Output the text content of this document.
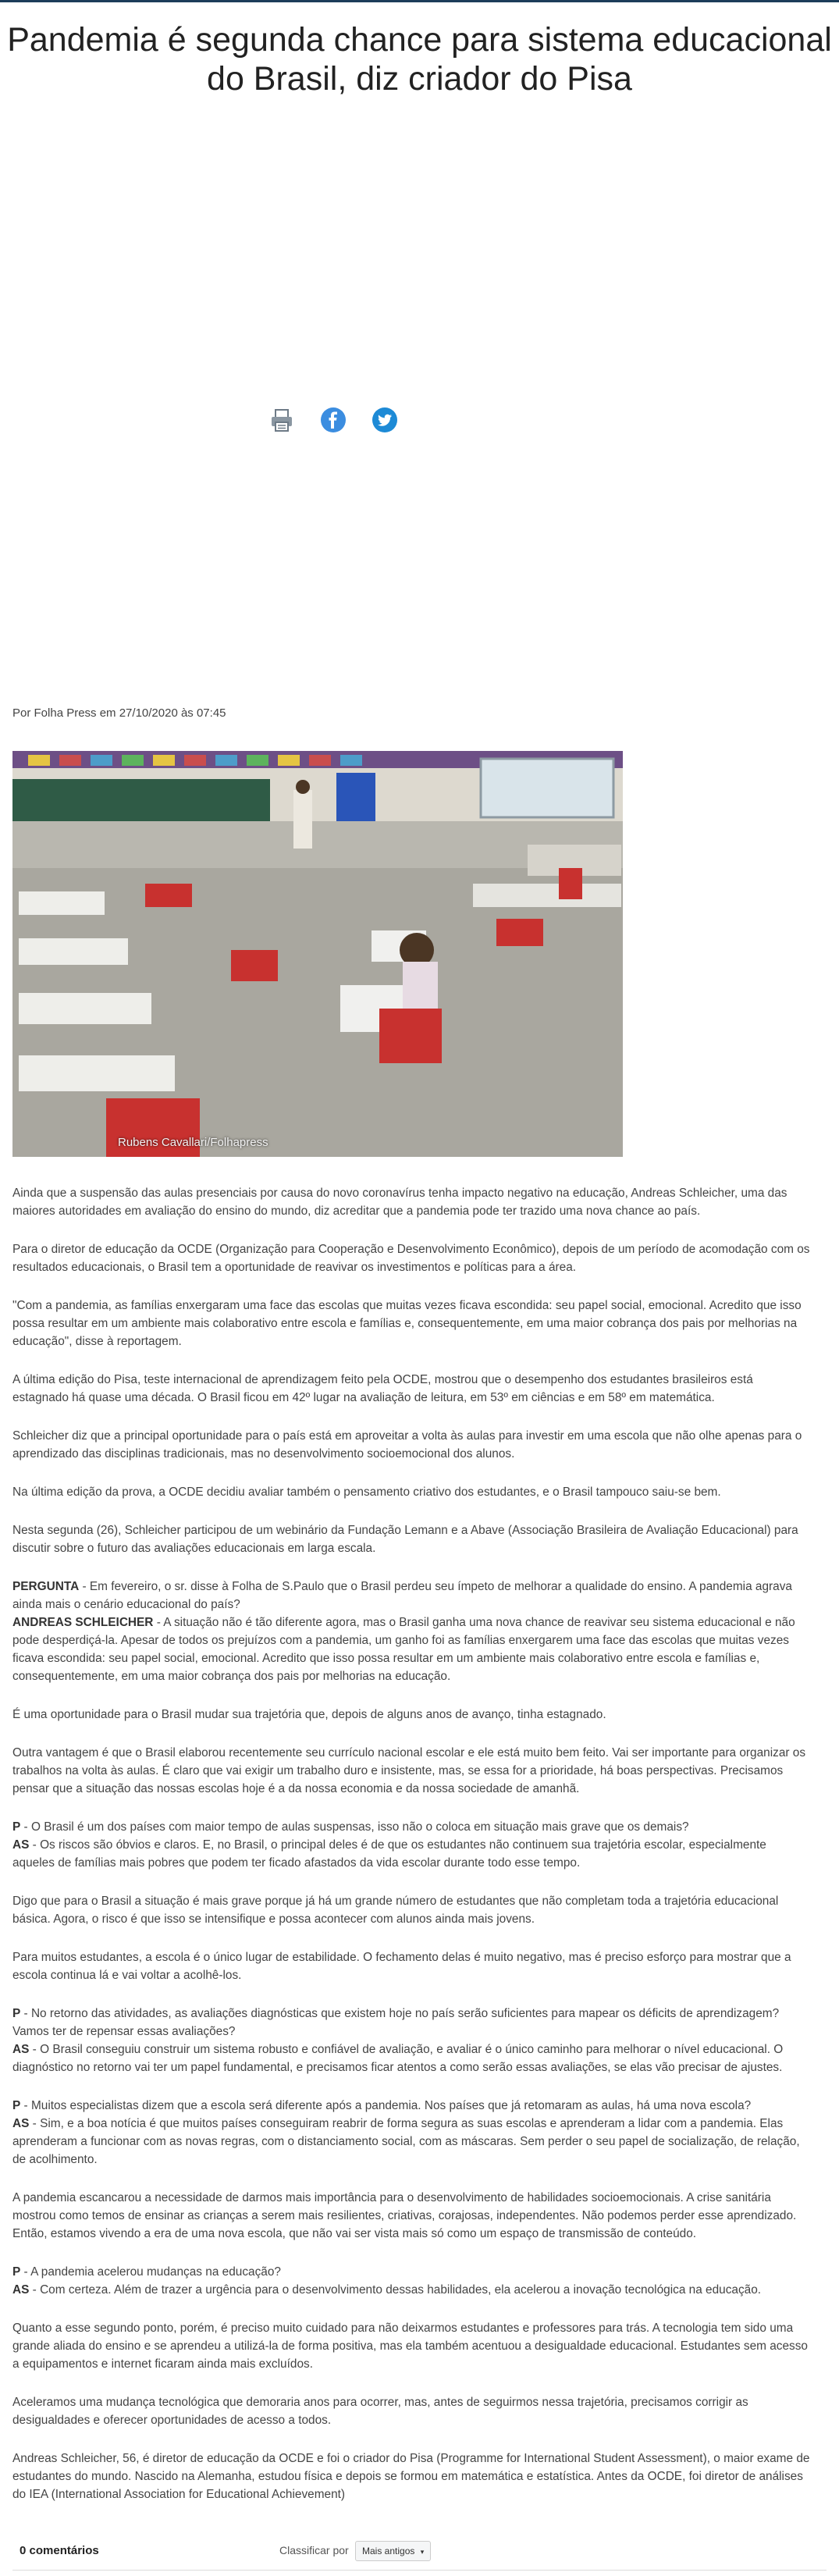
Pandemia é segunda chance para sistema educacional do Brasil, diz criador do Pisa
Por Folha Press em 27/10/2020 às 07:45
Rubens Cavallari/Folhapress

Ainda que a suspensão das aulas presenciais por causa do novo coronavírus tenha impacto negativo na educação, Andreas Schleicher, uma das maiores autoridades em avaliação do ensino do mundo, diz acreditar que a pandemia pode ter trazido uma nova chance ao país.

Para o diretor de educação da OCDE (Organização para Cooperação e Desenvolvimento Econômico), depois de um período de acomodação com os resultados educacionais, o Brasil tem a oportunidade de reavivar os investimentos e políticas para a área.

"Com a pandemia, as famílias enxergaram uma face das escolas que muitas vezes ficava escondida: seu papel social, emocional. Acredito que isso possa resultar em um ambiente mais colaborativo entre escola e famílias e, consequentemente, em uma maior cobrança dos pais por melhorias na educação", disse à reportagem.

A última edição do Pisa, teste internacional de aprendizagem feito pela OCDE, mostrou que o desempenho dos estudantes brasileiros está estagnado há quase uma década. O Brasil ficou em 42º lugar na avaliação de leitura, em 53º em ciências e em 58º em matemática.

Schleicher diz que a principal oportunidade para o país está em aproveitar a volta às aulas para investir em uma escola que não olhe apenas para o aprendizado das disciplinas tradicionais, mas no desenvolvimento socioemocional dos alunos.

Na última edição da prova, a OCDE decidiu avaliar também o pensamento criativo dos estudantes, e o Brasil tampouco saiu-se bem.

Nesta segunda (26), Schleicher participou de um webinário da Fundação Lemann e a Abave (Associação Brasileira de Avaliação Educacional) para discutir sobre o futuro das avaliações educacionais em larga escala.

PERGUNTA - Em fevereiro, o sr. disse à Folha de S.Paulo que o Brasil perdeu seu ímpeto de melhorar a qualidade do ensino. A pandemia agrava ainda mais o cenário educacional do país?
ANDREAS SCHLEICHER - A situação não é tão diferente agora, mas o Brasil ganha uma nova chance de reavivar seu sistema educacional e não pode desperdiçá-la. Apesar de todos os prejuízos com a pandemia, um ganho foi as famílias enxergarem uma face das escolas que muitas vezes ficava escondida: seu papel social, emocional. Acredito que isso possa resultar em um ambiente mais colaborativo entre escola e famílias e, consequentemente, em uma maior cobrança dos pais por melhorias na educação.

É uma oportunidade para o Brasil mudar sua trajetória que, depois de alguns anos de avanço, tinha estagnado.

Outra vantagem é que o Brasil elaborou recentemente seu currículo nacional escolar e ele está muito bem feito. Vai ser importante para organizar os trabalhos na volta às aulas. É claro que vai exigir um trabalho duro e insistente, mas, se essa for a prioridade, há boas perspectivas. Precisamos pensar que a situação das nossas escolas hoje é a da nossa economia e da nossa sociedade de amanhã.

P - O Brasil é um dos países com maior tempo de aulas suspensas, isso não o coloca em situação mais grave que os demais?
AS - Os riscos são óbvios e claros. E, no Brasil, o principal deles é de que os estudantes não continuem sua trajetória escolar, especialmente aqueles de famílias mais pobres que podem ter ficado afastados da vida escolar durante todo esse tempo.

Digo que para o Brasil a situação é mais grave porque já há um grande número de estudantes que não completam toda a trajetória educacional básica. Agora, o risco é que isso se intensifique e possa acontecer com alunos ainda mais jovens.

Para muitos estudantes, a escola é o único lugar de estabilidade. O fechamento delas é muito negativo, mas é preciso esforço para mostrar que a escola continua lá e vai voltar a acolhê-los.

P - No retorno das atividades, as avaliações diagnósticas que existem hoje no país serão suficientes para mapear os déficits de aprendizagem? Vamos ter de repensar essas avaliações?
AS - O Brasil conseguiu construir um sistema robusto e confiável de avaliação, e avaliar é o único caminho para melhorar o nível educacional. O diagnóstico no retorno vai ter um papel fundamental, e precisamos ficar atentos a como serão essas avaliações, se elas vão precisar de ajustes.

P - Muitos especialistas dizem que a escola será diferente após a pandemia. Nos países que já retomaram as aulas, há uma nova escola?
AS - Sim, e a boa notícia é que muitos países conseguiram reabrir de forma segura as suas escolas e aprenderam a lidar com a pandemia. Elas aprenderam a funcionar com as novas regras, com o distanciamento social, com as máscaras. Sem perder o seu papel de socialização, de relação, de acolhimento.

A pandemia escancarou a necessidade de darmos mais importância para o desenvolvimento de habilidades socioemocionais. A crise sanitária mostrou como temos de ensinar as crianças a serem mais resilientes, criativas, corajosas, independentes. Não podemos perder esse aprendizado. Então, estamos vivendo a era de uma nova escola, que não vai ser vista mais só como um espaço de transmissão de conteúdo.

P - A pandemia acelerou mudanças na educação?
AS - Com certeza. Além de trazer a urgência para o desenvolvimento dessas habilidades, ela acelerou a inovação tecnológica na educação.

Quanto a esse segundo ponto, porém, é preciso muito cuidado para não deixarmos estudantes e professores para trás. A tecnologia tem sido uma grande aliada do ensino e se aprendeu a utilizá-la de forma positiva, mas ela também acentuou a desigualdade educacional. Estudantes sem acesso a equipamentos e internet ficaram ainda mais excluídos.

Aceleramos uma mudança tecnológica que demoraria anos para ocorrer, mas, antes de seguirmos nessa trajetória, precisamos corrigir as desigualdades e oferecer oportunidades de acesso a todos.

Andreas Schleicher, 56, é diretor de educação da OCDE e foi o criador do Pisa (Programme for International Student Assessment), o maior exame de estudantes do mundo. Nascido na Alemanha, estudou física e depois se formou em matemática e estatística. Antes da OCDE, foi diretor de análises do IEA (International Association for Educational Achievement)

0 comentários	Classificar por	Mais antigos ▾
